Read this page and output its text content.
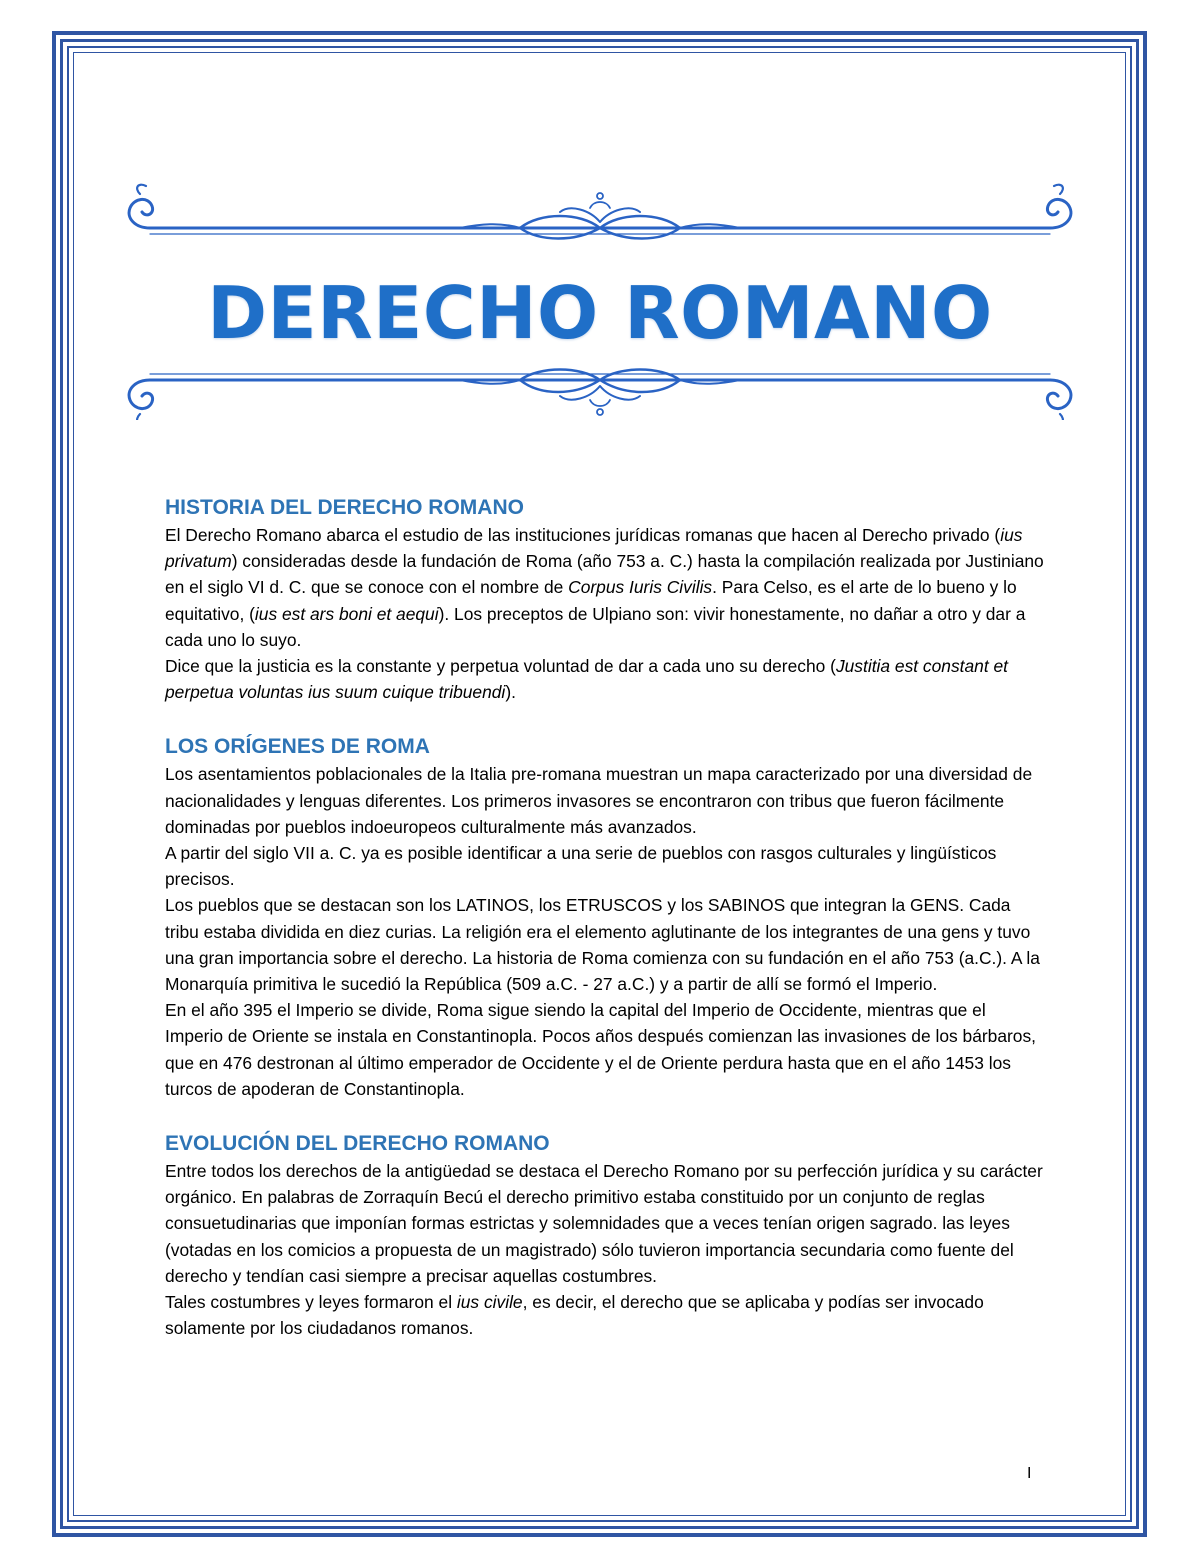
DERECHO ROMANO
HISTORIA DEL DERECHO ROMANO

El Derecho Romano abarca el estudio de las instituciones jurídicas romanas que hacen al Derecho privado (ius privatum) consideradas desde la fundación de Roma (año 753 a. C.) hasta la compilación realizada por Justiniano en el siglo VI d. C. que se conoce con el nombre de Corpus Iuris Civilis. Para Celso, es el arte de lo bueno y lo equitativo, (ius est ars boni et aequi). Los preceptos de Ulpiano son: vivir honestamente, no dañar a otro y dar a cada uno lo suyo.

Dice que la justicia es la constante y perpetua voluntad de dar a cada uno su derecho (Justitia est constant et perpetua voluntas ius suum cuique tribuendi).

LOS ORÍGENES DE ROMA

Los asentamientos poblacionales de la Italia pre-romana muestran un mapa caracterizado por una diversidad de nacionalidades y lenguas diferentes. Los primeros invasores se encontraron con tribus que fueron fácilmente dominadas por pueblos indoeuropeos culturalmente más avanzados.

A partir del siglo VII a. C. ya es posible identificar a una serie de pueblos con rasgos culturales y lingüísticos precisos.

Los pueblos que se destacan son los LATINOS, los ETRUSCOS y los SABINOS que integran la GENS. Cada tribu estaba dividida en diez curias. La religión era el elemento aglutinante de los integrantes de una gens y tuvo una gran importancia sobre el derecho. La historia de Roma comienza con su fundación en el año 753 (a.C.). A la Monarquía primitiva le sucedió la República (509 a.C. - 27 a.C.) y a partir de allí se formó el Imperio.

En el año 395 el Imperio se divide, Roma sigue siendo la capital del Imperio de Occidente, mientras que el Imperio de Oriente se instala en Constantinopla. Pocos años después comienzan las invasiones de los bárbaros, que en 476 destronan al último emperador de Occidente y el de Oriente perdura hasta que en el año 1453 los turcos de apoderan de Constantinopla.

EVOLUCIÓN DEL DERECHO ROMANO

Entre todos los derechos de la antigüedad se destaca el Derecho Romano por su perfección jurídica y su carácter orgánico. En palabras de Zorraquín Becú el derecho primitivo estaba constituido por un conjunto de reglas consuetudinarias que imponían formas estrictas y solemnidades que a veces tenían origen sagrado. las leyes (votadas en los comicios a propuesta de un magistrado) sólo tuvieron importancia secundaria como fuente del derecho y tendían casi siempre a precisar aquellas costumbres.

Tales costumbres y leyes formaron el ius civile, es decir, el derecho que se aplicaba y podías ser invocado solamente por los ciudadanos romanos.

I
